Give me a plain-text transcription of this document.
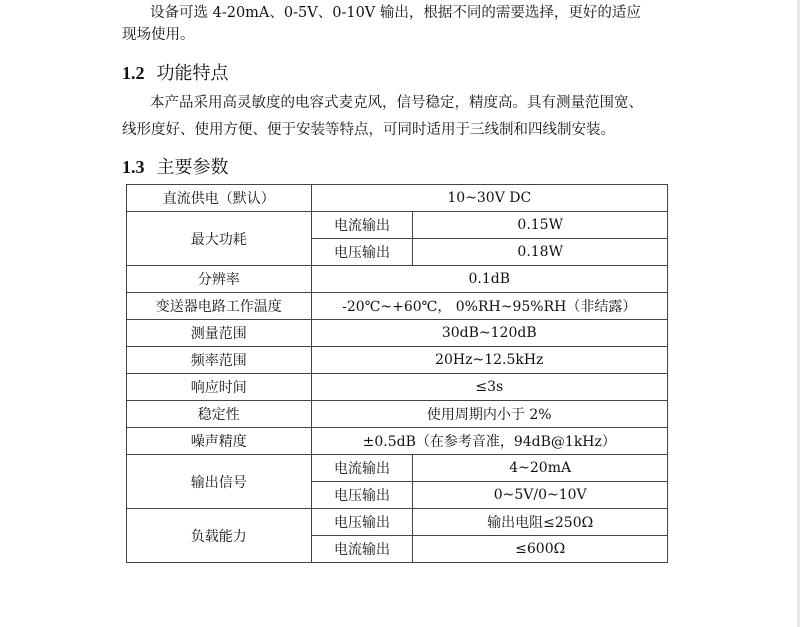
设备可选 4-20mA、0-5V、0-10V 输出，根据不同的需要选择，更好的适应

现场使用。

1.2 功能特点

本产品采用高灵敏度的电容式麦克风，信号稳定，精度高。具有测量范围宽、

线形度好、使用方便、便于安装等特点，可同时适用于三线制和四线制安装。

1.3 主要参数
直流供电（默认）	10~30V DC	
最大功耗	电流输出	0.15W
	电压输出	0.18W
分辨率	0.1dB	
变送器电路工作温度	-20℃~+60℃， 0%RH~95%RH（非结露）	
测量范围	30dB~120dB	
频率范围	20Hz~12.5kHz	
响应时间	≤3s	
稳定性	使用周期内小于 2%	
噪声精度	±0.5dB（在参考音准，94dB@1kHz）	
输出信号	电流输出	4~20mA
	电压输出	0~5V/0~10V
负载能力	电压输出	输出电阻≤250Ω
	电流输出	≤600Ω
